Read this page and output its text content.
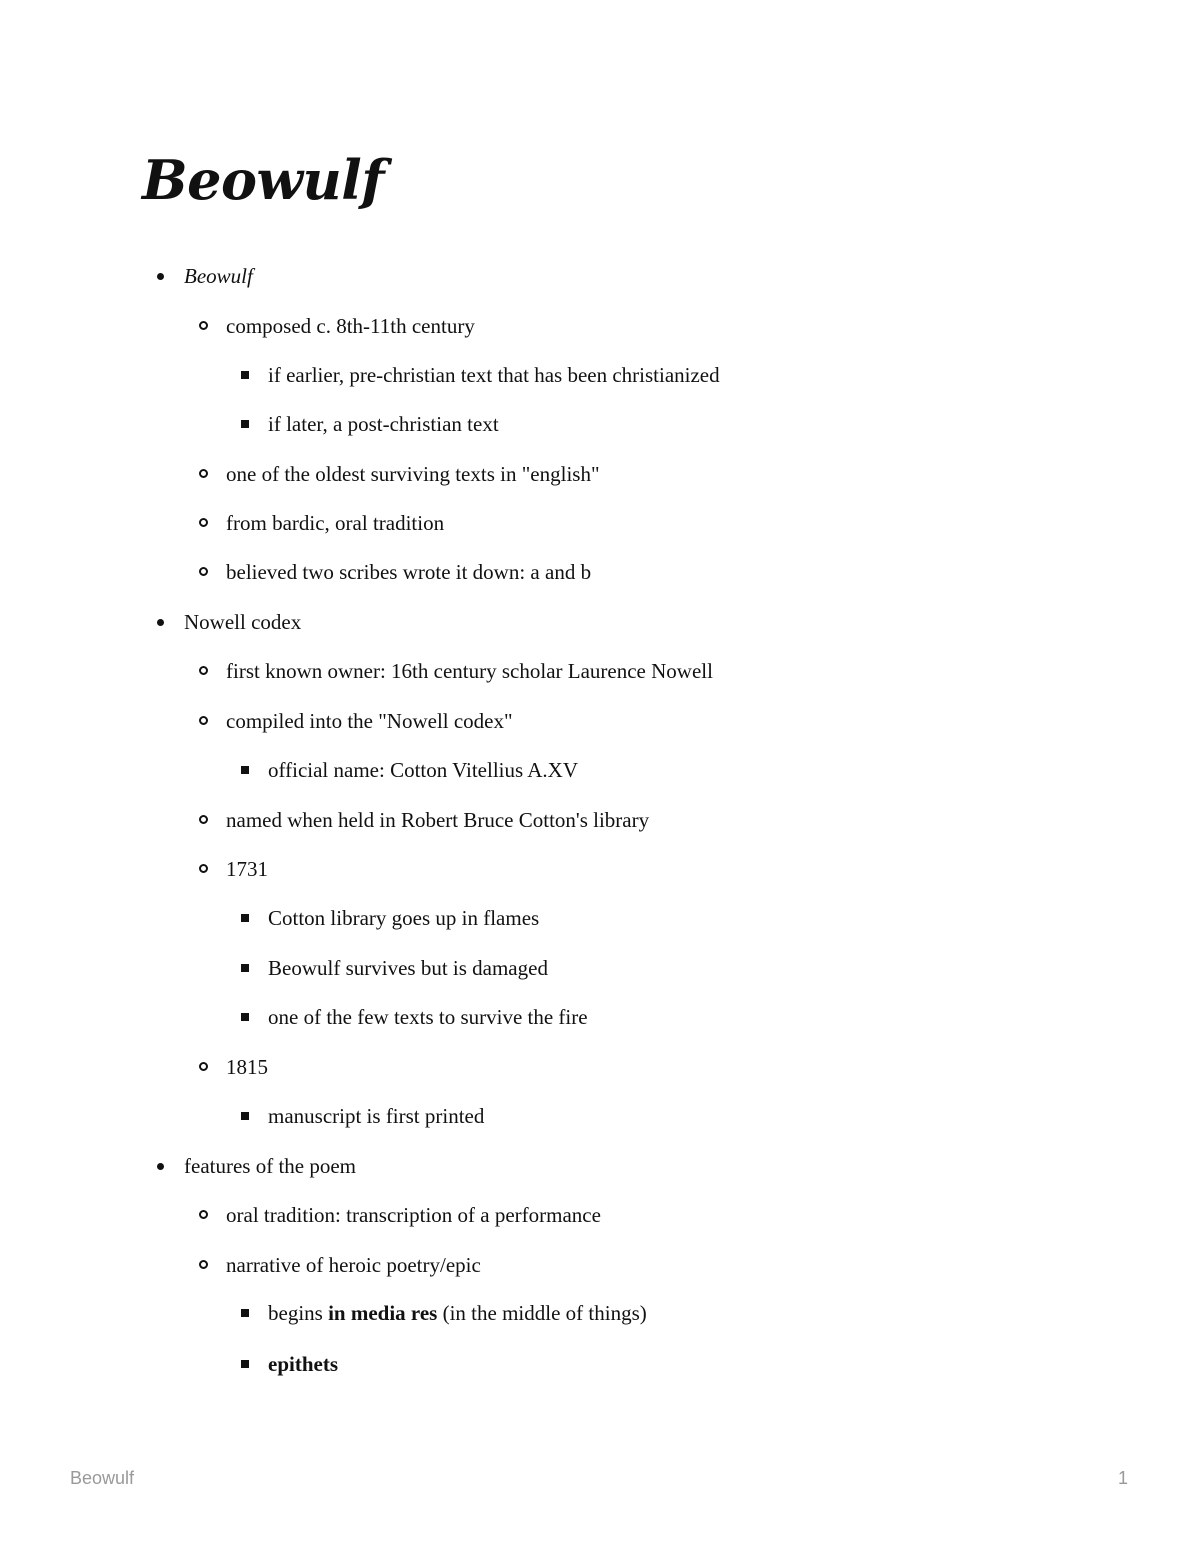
Beowulf
Beowulf
composed c. 8th-11th century
if earlier, pre-christian text that has been christianized
if later, a post-christian text
one of the oldest surviving texts in "english"
from bardic, oral tradition
believed two scribes wrote it down: a and b
Nowell codex
first known owner: 16th century scholar Laurence Nowell
compiled into the "Nowell codex"
official name: Cotton Vitellius A.XV
named when held in Robert Bruce Cotton's library
1731
Cotton library goes up in flames
Beowulf survives but is damaged
one of the few texts to survive the fire
1815
manuscript is first printed
features of the poem
oral tradition: transcription of a performance
narrative of heroic poetry/epic
begins in media res (in the middle of things)
epithets
Beowulf	1
